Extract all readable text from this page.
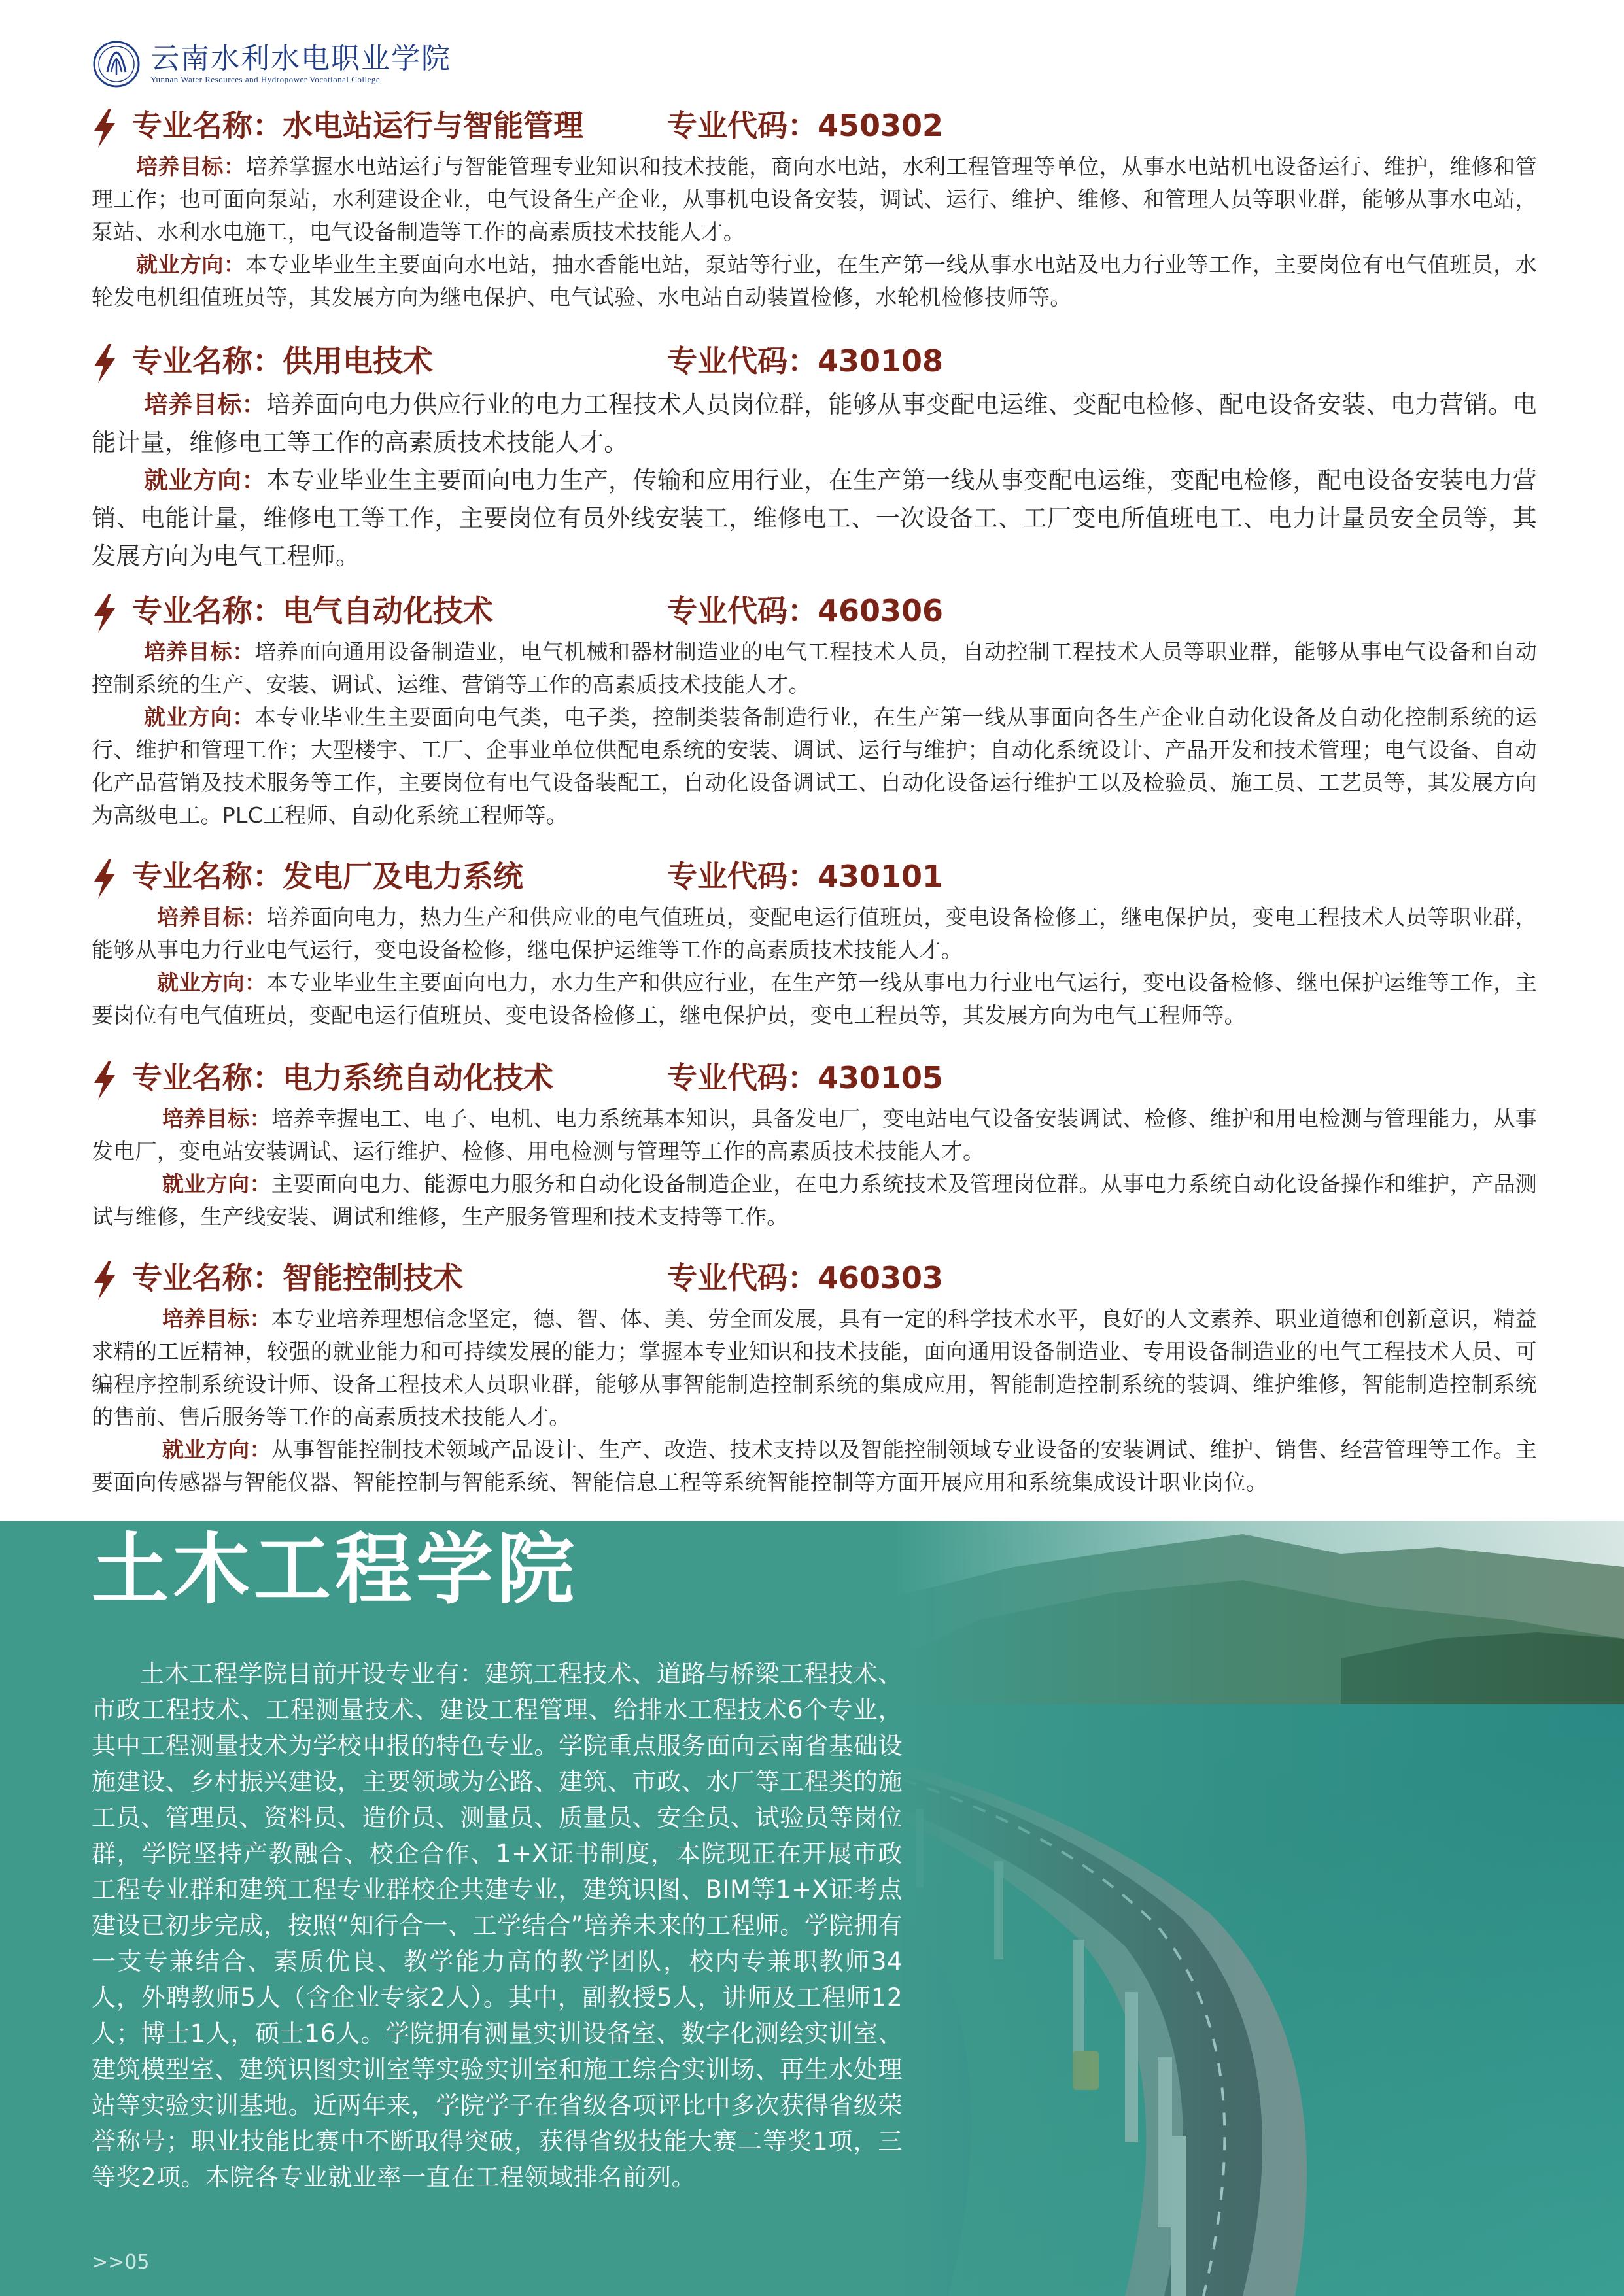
云南水利水电职业学院
Yunnan Water Resources and Hydropower Vocational College
专业名称：水电站运行与智能管理	专业代码：450302

培养目标：培养掌握水电站运行与智能管理专业知识和技术技能，商向水电站，水利工程管理等单位，从事水电站机电设备运行、维护，维修和管理工作；也可面向泵站，水利建设企业，电气设备生产企业，从事机电设备安装，调试、运行、维护、维修、和管理人员等职业群，能够从事水电站，泵站、水利水电施工，电气设备制造等工作的高素质技术技能人才。

就业方向：本专业毕业生主要面向水电站，抽水香能电站，泵站等行业，在生产第一线从事水电站及电力行业等工作，主要岗位有电气值班员，水轮发电机组值班员等，其发展方向为继电保护、电气试验、水电站自动装置检修，水轮机检修技师等。

专业名称：供用电技术	专业代码：430108

培养目标：培养面向电力供应行业的电力工程技术人员岗位群，能够从事变配电运维、变配电检修、配电设备安装、电力营销。电能计量，维修电工等工作的高素质技术技能人才。

就业方向：本专业毕业生主要面向电力生产，传输和应用行业，在生产第一线从事变配电运维，变配电检修，配电设备安装电力营销、电能计量，维修电工等工作，主要岗位有员外线安装工，维修电工、一次设备工、工厂变电所值班电工、电力计量员安全员等，其发展方向为电气工程师。

专业名称：电气自动化技术	专业代码：460306

培养目标：培养面向通用设备制造业，电气机械和器材制造业的电气工程技术人员，自动控制工程技术人员等职业群，能够从事电气设备和自动控制系统的生产、安装、调试、运维、营销等工作的高素质技术技能人才。

就业方向：本专业毕业生主要面向电气类，电子类，控制类装备制造行业，在生产第一线从事面向各生产企业自动化设备及自动化控制系统的运行、维护和管理工作；大型楼宇、工厂、企事业单位供配电系统的安装、调试、运行与维护；自动化系统设计、产品开发和技术管理；电气设备、自动化产品营销及技术服务等工作，主要岗位有电气设备装配工，自动化设备调试工、自动化设备运行维护工以及检验员、施工员、工艺员等，其发展方向为高级电工。PLC工程师、自动化系统工程师等。

专业名称：发电厂及电力系统	专业代码：430101

培养目标：培养面向电力，热力生产和供应业的电气值班员，变配电运行值班员，变电设备检修工，继电保护员，变电工程技术人员等职业群，能够从事电力行业电气运行，变电设备检修，继电保护运维等工作的高素质技术技能人才。

就业方向：本专业毕业生主要面向电力，水力生产和供应行业，在生产第一线从事电力行业电气运行，变电设备检修、继电保护运维等工作，主要岗位有电气值班员，变配电运行值班员、变电设备检修工，继电保护员，变电工程员等，其发展方向为电气工程师等。

专业名称：电力系统自动化技术	专业代码：430105

培养目标：培养幸握电工、电子、电机、电力系统基本知识，具备发电厂，变电站电气设备安装调试、检修、维护和用电检测与管理能力，从事发电厂，变电站安装调试、运行维护、检修、用电检测与管理等工作的高素质技术技能人才。

就业方向：主要面向电力、能源电力服务和自动化设备制造企业，在电力系统技术及管理岗位群。从事电力系统自动化设备操作和维护，产品测试与维修，生产线安装、调试和维修，生产服务管理和技术支持等工作。

专业名称：智能控制技术	专业代码：460303

培养目标：本专业培养理想信念坚定，德、智、体、美、劳全面发展，具有一定的科学技术水平，良好的人文素养、职业道德和创新意识，精益求精的工匠精神，较强的就业能力和可持续发展的能力；掌握本专业知识和技术技能，面向通用设备制造业、专用设备制造业的电气工程技术人员、可编程序控制系统设计师、设备工程技术人员职业群，能够从事智能制造控制系统的集成应用，智能制造控制系统的装调、维护维修，智能制造控制系统的售前、售后服务等工作的高素质技术技能人才。

就业方向：从事智能控制技术领域产品设计、生产、改造、技术支持以及智能控制领域专业设备的安装调试、维护、销售、经营管理等工作。主要面向传感器与智能仪器、智能控制与智能系统、智能信息工程等系统智能控制等方面开展应用和系统集成设计职业岗位。

土木工程学院

土木工程学院目前开设专业有：建筑工程技术、道路与桥梁工程技术、市政工程技术、工程测量技术、建设工程管理、给排水工程技术6个专业，其中工程测量技术为学校申报的特色专业。学院重点服务面向云南省基础设施建设、乡村振兴建设，主要领域为公路、建筑、市政、水厂等工程类的施工员、管理员、资料员、造价员、测量员、质量员、安全员、试验员等岗位群，学院坚持产教融合、校企合作、1+X证书制度，本院现正在开展市政工程专业群和建筑工程专业群校企共建专业，建筑识图、BIM等1+X证考点建设已初步完成，按照“知行合一、工学结合”培养未来的工程师。学院拥有一支专兼结合、素质优良、教学能力高的教学团队，校内专兼职教师34人，外聘教师5人（含企业专家2人）。其中，副教授5人，讲师及工程师12人；博士1人，硕士16人。学院拥有测量实训设备室、数字化测绘实训室、建筑模型室、建筑识图实训室等实验实训室和施工综合实训场、再生水处理站等实验实训基地。近两年来，学院学子在省级各项评比中多次获得省级荣誉称号；职业技能比赛中不断取得突破，获得省级技能大赛二等奖1项，三等奖2项。本院各专业就业率一直在工程领域排名前列。

>>05
